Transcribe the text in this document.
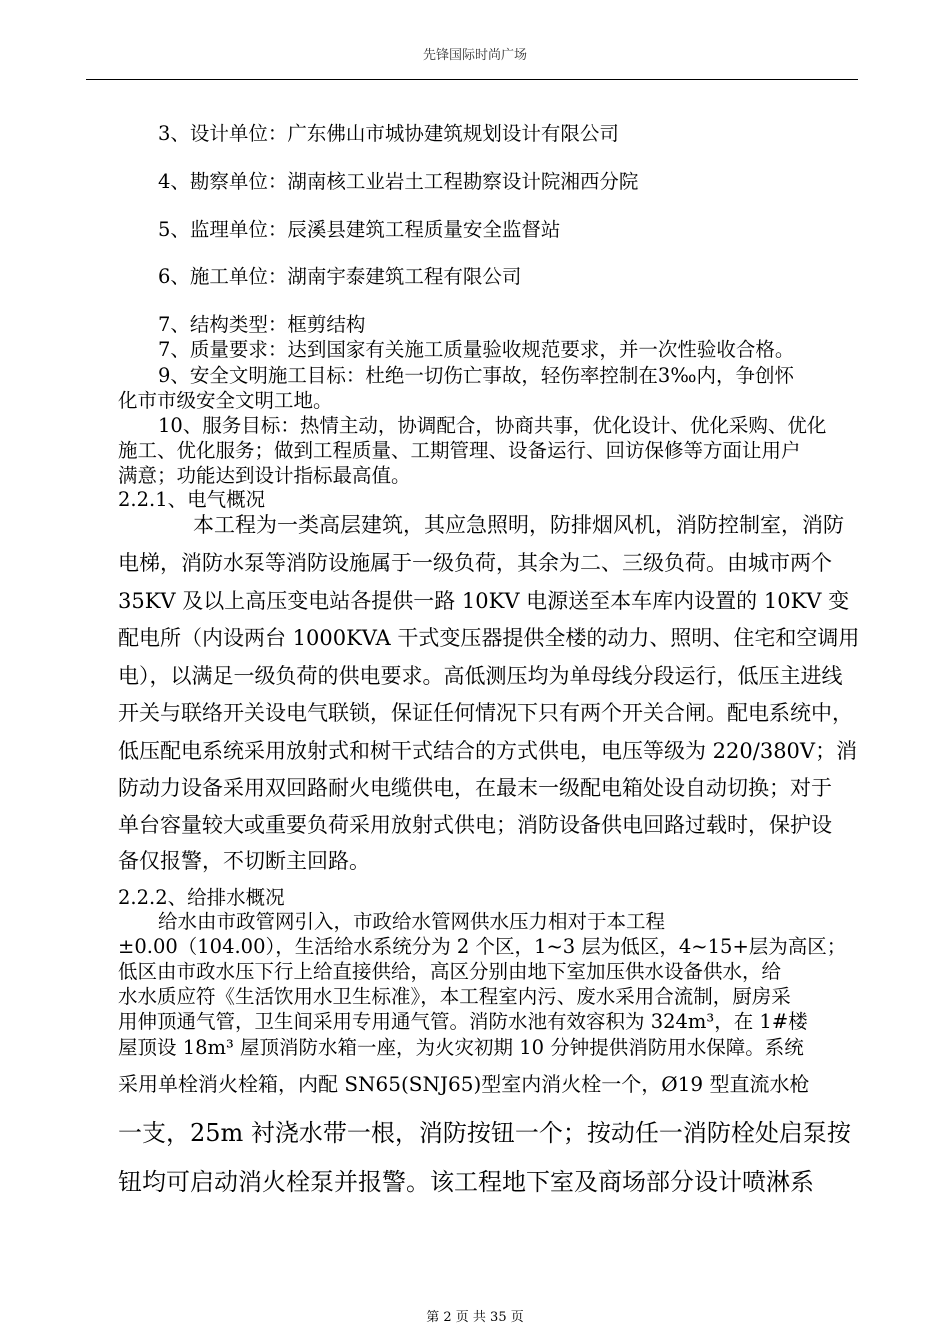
先锋国际时尚广场
3、设计单位：广东佛山市城协建筑规划设计有限公司
4、勘察单位：湖南核工业岩土工程勘察设计院湘西分院
5、监理单位：辰溪县建筑工程质量安全监督站
6、施工单位：湖南宇泰建筑工程有限公司
7、结构类型：框剪结构
7、质量要求：达到国家有关施工质量验收规范要求，并一次性验收合格。
9、安全文明施工目标：杜绝一切伤亡事故，轻伤率控制在3‰内，争创怀
化市市级安全文明工地。
10、服务目标：热情主动，协调配合，协商共事，优化设计、优化采购、优化
施工、优化服务；做到工程质量、工期管理、设备运行、回访保修等方面让用户
满意；功能达到设计指标最高值。
2.2.1、电气概况
本工程为一类高层建筑，其应急照明，防排烟风机，消防控制室，消防
电梯，消防水泵等消防设施属于一级负荷，其余为二、三级负荷。由城市两个
35KV 及以上高压变电站各提供一路 10KV 电源送至本车库内设置的 10KV 变
配电所（内设两台 1000KVA 干式变压器提供全楼的动力、照明、住宅和空调用
电），以满足一级负荷的供电要求。高低测压均为单母线分段运行，低压主进线
开关与联络开关设电气联锁，保证任何情况下只有两个开关合闸。配电系统中，
低压配电系统采用放射式和树干式结合的方式供电，电压等级为 220/380V；消
防动力设备采用双回路耐火电缆供电，在最末一级配电箱处设自动切换；对于
单台容量较大或重要负荷采用放射式供电；消防设备供电回路过载时，保护设
备仅报警，不切断主回路。
2.2.2、给排水概况
给水由市政管网引入，市政给水管网供水压力相对于本工程
±0.00（104.00），生活给水系统分为 2 个区，1~3 层为低区，4~15+层为高区；
低区由市政水压下行上给直接供给，高区分别由地下室加压供水设备供水，给
水水质应符《生活饮用水卫生标准》，本工程室内污、废水采用合流制，厨房采
用伸顶通气管，卫生间采用专用通气管。消防水池有效容积为 324m³，在 1#楼
屋顶设 18m³ 屋顶消防水箱一座，为火灾初期 10 分钟提供消防用水保障。系统
采用单栓消火栓箱，内配 SN65(SNJ65)型室内消火栓一个，Ø19 型直流水枪
一支，25m 衬浇水带一根，消防按钮一个；按动任一消防栓处启泵按
钮均可启动消火栓泵并报警。该工程地下室及商场部分设计喷淋系
第 2 页 共 35 页
